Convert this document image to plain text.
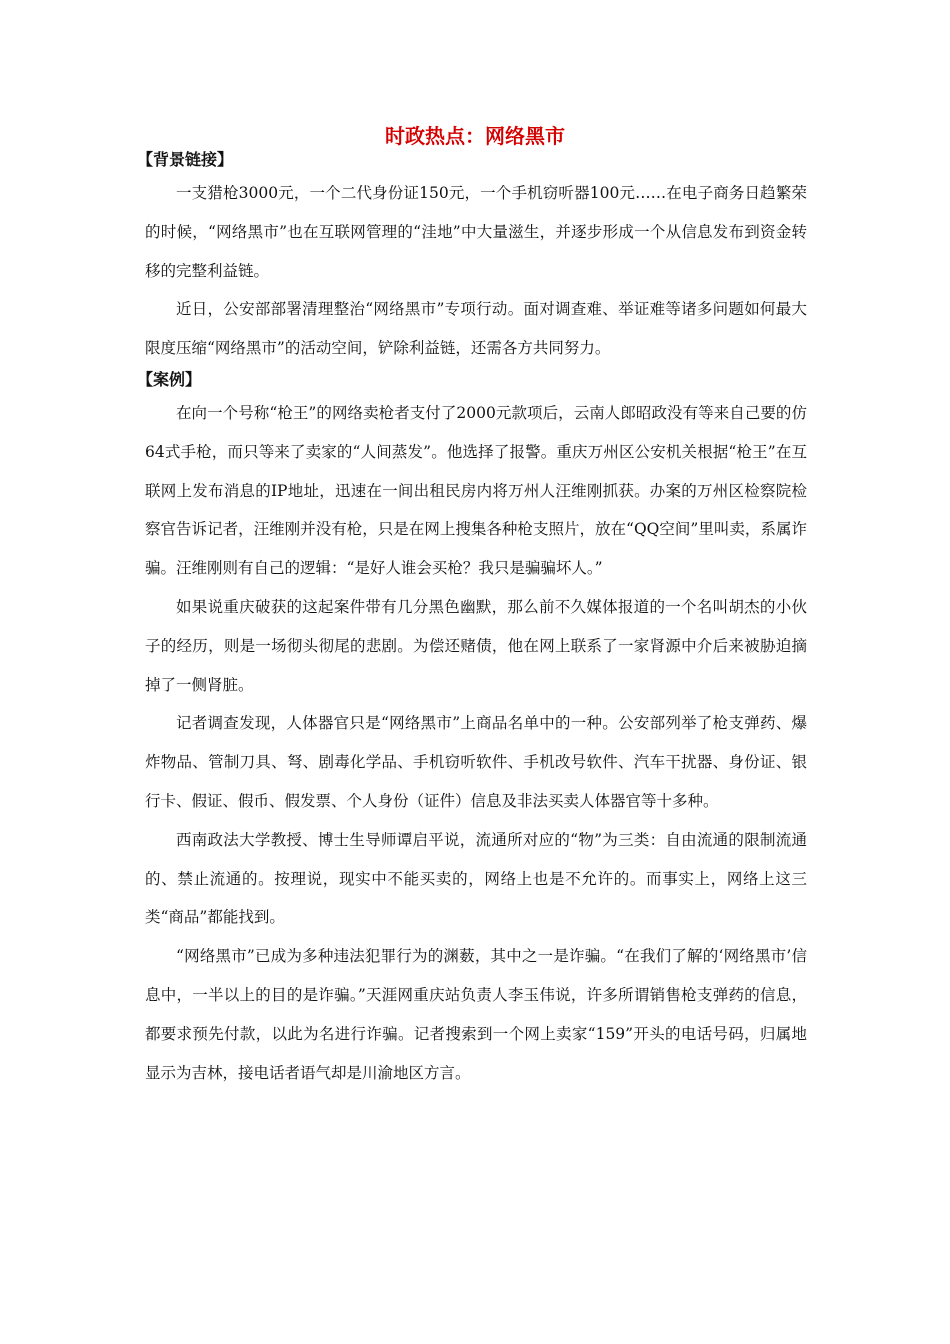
时政热点：网络黑市
【背景链接】

一支猎枪3000元，一个二代身份证150元，一个手机窃听器100元……在电子商务日趋繁荣的时候，“网络黑市”也在互联网管理的“洼地”中大量滋生，并逐步形成一个从信息发布到资金转移的完整利益链。

近日，公安部部署清理整治“网络黑市”专项行动。面对调查难、举证难等诸多问题如何最大限度压缩“网络黑市”的活动空间，铲除利益链，还需各方共同努力。

【案例】

在向一个号称“枪王”的网络卖枪者支付了2000元款项后，云南人郎昭政没有等来自己要的仿64式手枪，而只等来了卖家的“人间蒸发”。他选择了报警。重庆万州区公安机关根据“枪王”在互联网上发布消息的IP地址，迅速在一间出租民房内将万州人汪维刚抓获。办案的万州区检察院检察官告诉记者，汪维刚并没有枪，只是在网上搜集各种枪支照片，放在“QQ空间”里叫卖，系属诈骗。汪维刚则有自己的逻辑：“是好人谁会买枪？我只是骗骗坏人。”

如果说重庆破获的这起案件带有几分黑色幽默，那么前不久媒体报道的一个名叫胡杰的小伙子的经历，则是一场彻头彻尾的悲剧。为偿还赌债，他在网上联系了一家肾源中介后来被胁迫摘掉了一侧肾脏。

记者调查发现，人体器官只是“网络黑市”上商品名单中的一种。公安部列举了枪支弹药、爆炸物品、管制刀具、弩、剧毒化学品、手机窃听软件、手机改号软件、汽车干扰器、身份证、银行卡、假证、假币、假发票、个人身份（证件）信息及非法买卖人体器官等十多种。

西南政法大学教授、博士生导师谭启平说，流通所对应的“物”为三类：自由流通的限制流通的、禁止流通的。按理说，现实中不能买卖的，网络上也是不允许的。而事实上，网络上这三类“商品”都能找到。

“网络黑市”已成为多种违法犯罪行为的渊薮，其中之一是诈骗。“在我们了解的‘网络黑市’信息中，一半以上的目的是诈骗。”天涯网重庆站负责人李玉伟说，许多所谓销售枪支弹药的信息，都要求预先付款，以此为名进行诈骗。记者搜索到一个网上卖家“159”开头的电话号码，归属地显示为吉林，接电话者语气却是川渝地区方言。
